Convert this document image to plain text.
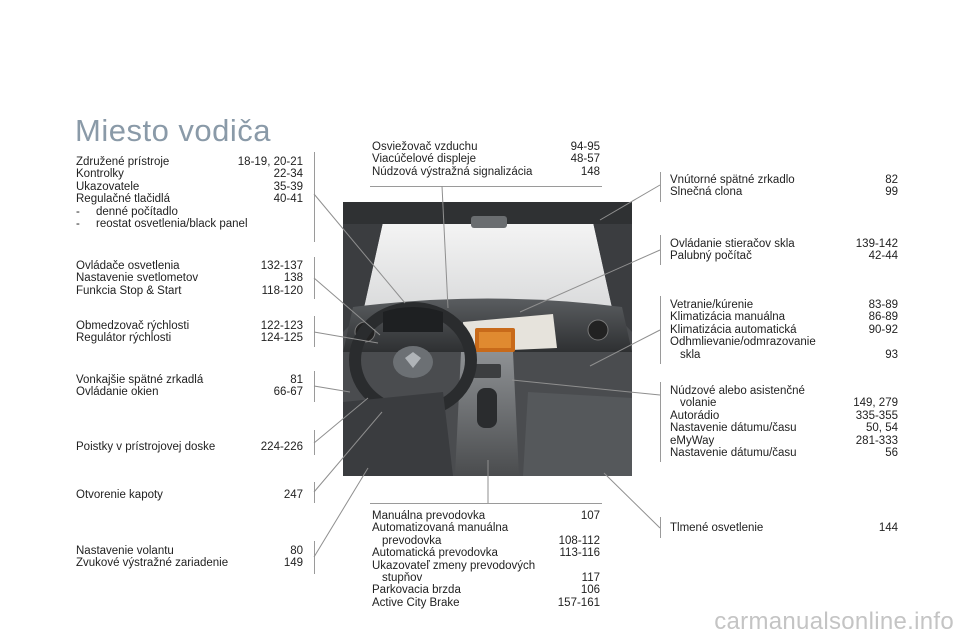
Miesto vodiča
Združené prístroje	18-19, 20-21
Kontrolky	22-34
Ukazovatele	35-39
Regulačné tlačidlá	40-41
- denné počítadlo
- reostat osvetlenia/black panel
Ovládače osvetlenia	132-137
Nastavenie svetlometov	138
Funkcia Stop & Start	118-120
Obmedzovač rýchlosti	122-123
Regulátor rýchlosti	124-125
Vonkajšie spätné zrkadlá	81
Ovládanie okien	66-67
Poistky v prístrojovej doske	224-226
Otvorenie kapoty	247
Nastavenie volantu	80
Zvukové výstražné zariadenie	149
Osviežovač vzduchu	94-95
Viacúčelové displeje	48-57
Núdzová výstražná signalizácia	148
Manuálna prevodovka	107
Automatizovaná manuálna
prevodovka	108-112
Automatická prevodovka	113-116
Ukazovateľ zmeny prevodových
stupňov	117
Parkovacia brzda	106
Active City Brake	157-161
Vnútorné spätné zrkadlo	82
Slnečná clona	99
Ovládanie stieračov skla	139-142
Palubný počítač	42-44
Vetranie/kúrenie	83-89
Klimatizácia manuálna	86-89
Klimatizácia automatická	90-92
Odhmlievanie/odmrazovanie
skla	93
Núdzové alebo asistenčné
volanie	149, 279
Autorádio	335-355
Nastavenie dátumu/času	50, 54
eMyWay	281-333
Nastavenie dátumu/času	56
Tlmené osvetlenie	144
carmanualsonline.info
